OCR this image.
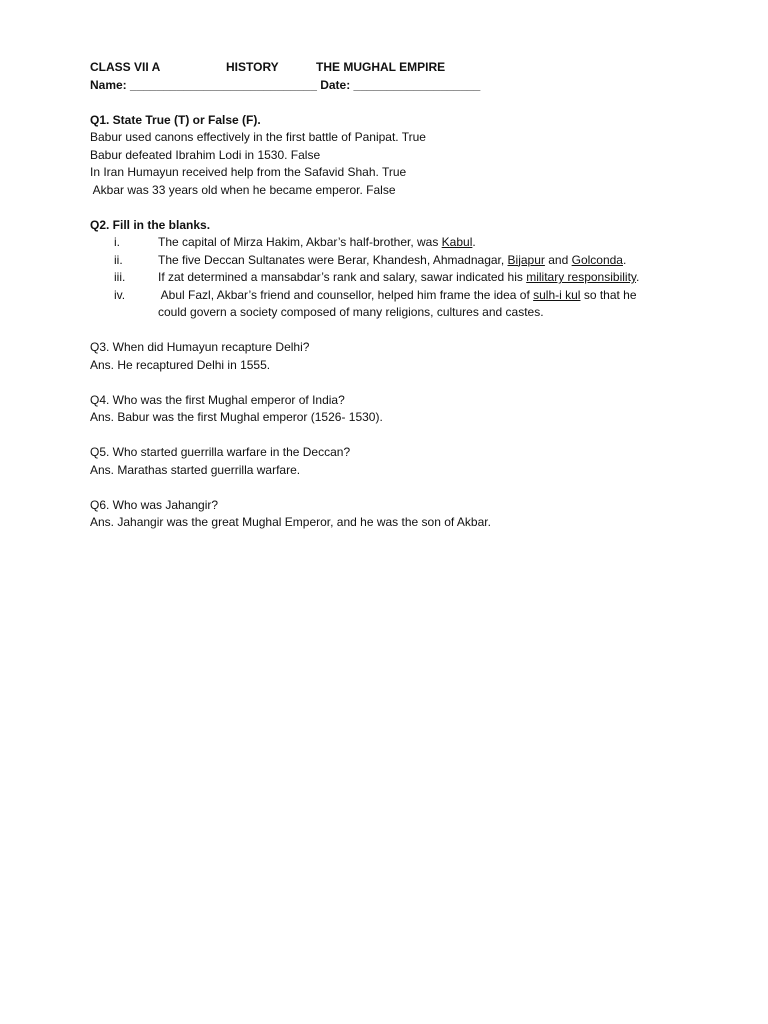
CLASS VII A	HISTORY	THE MUGHAL EMPIRE
Name: ____________________________ Date: ___________________
Q1. State True (T) or False (F).
Babur used canons effectively in the first battle of Panipat. True
Babur defeated Ibrahim Lodi in 1530. False
In Iran Humayun received help from the Safavid Shah. True
Akbar was 33 years old when he became emperor. False
Q2. Fill in the blanks.
i.	The capital of Mirza Hakim, Akbar’s half-brother, was Kabul.
ii.	The five Deccan Sultanates were Berar, Khandesh, Ahmadnagar, Bijapur and Golconda.
iii.	If zat determined a mansabdar’s rank and salary, sawar indicated his military responsibility.
iv.	Abul Fazl, Akbar’s friend and counsellor, helped him frame the idea of sulh-i kul so that he
could govern a society composed of many religions, cultures and castes.
Q3. When did Humayun recapture Delhi?
Ans. He recaptured Delhi in 1555.
Q4. Who was the first Mughal emperor of India?
Ans. Babur was the first Mughal emperor (1526- 1530).
Q5. Who started guerrilla warfare in the Deccan?
Ans. Marathas started guerrilla warfare.
Q6. Who was Jahangir?
Ans. Jahangir was the great Mughal Emperor, and he was the son of Akbar.
